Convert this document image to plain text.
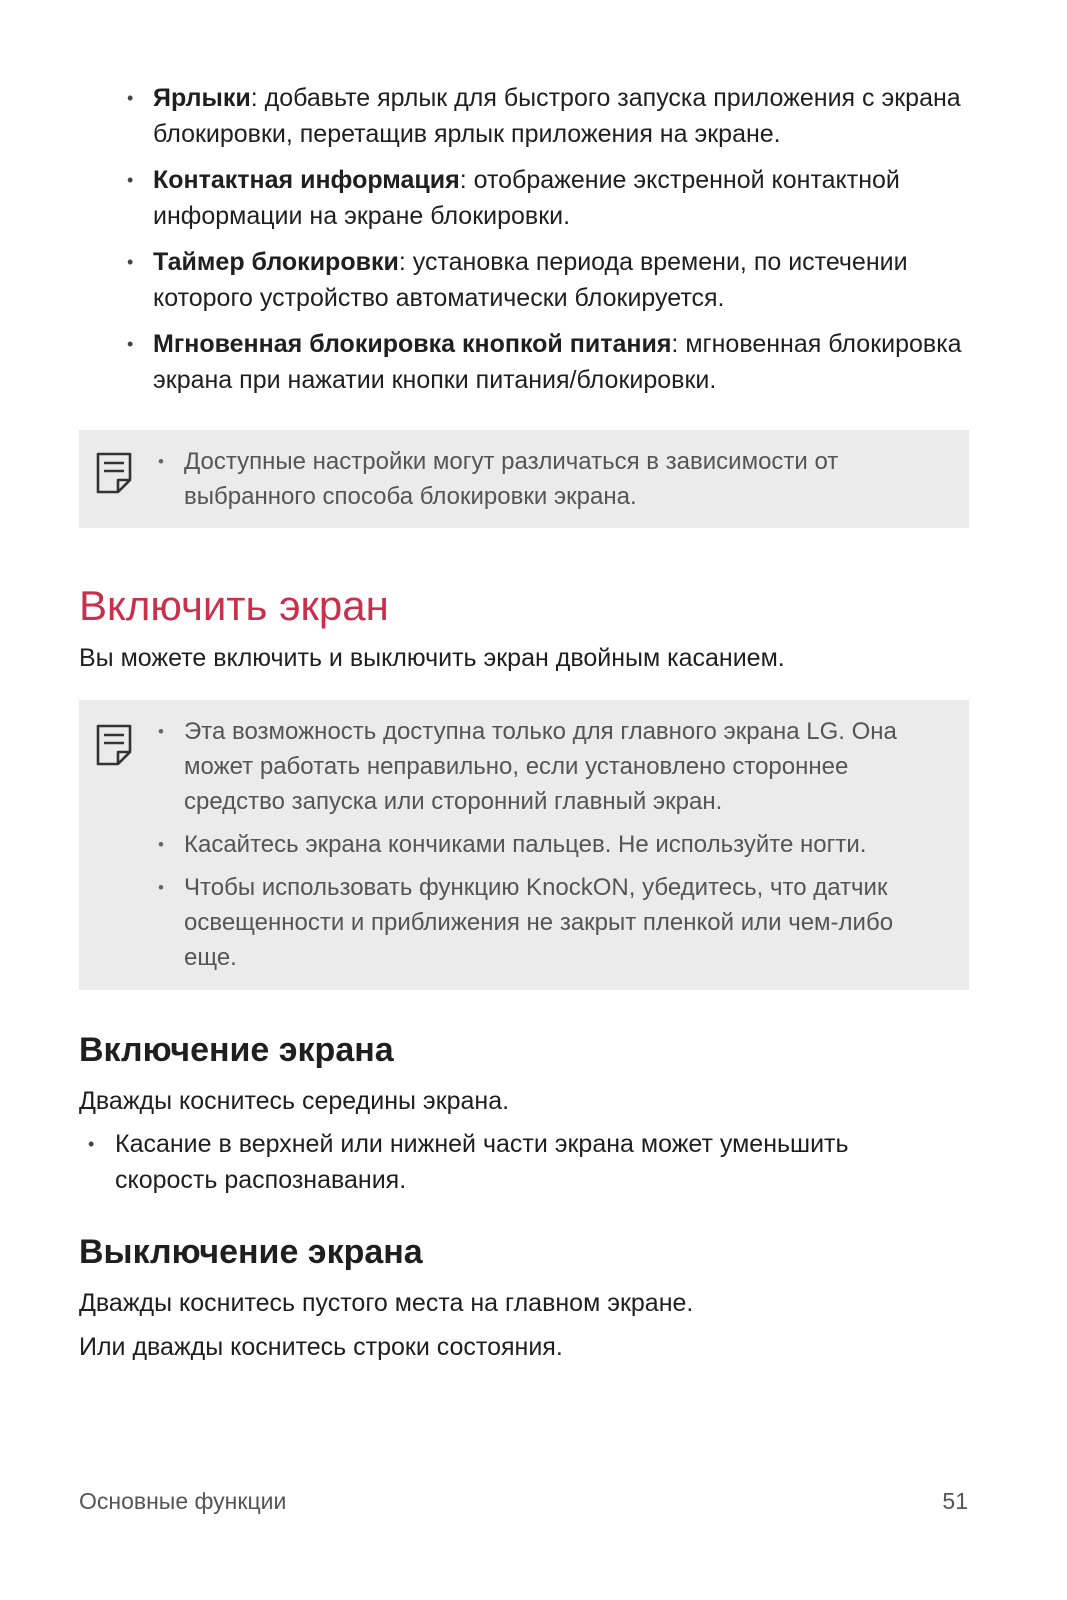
• Ярлыки: добавьте ярлык для быстрого запуска приложения с экрана блокировки, перетащив ярлык приложения на экране.
• Контактная информация: отображение экстренной контактной информации на экране блокировки.
• Таймер блокировки: установка периода времени, по истечении которого устройство автоматически блокируется.
• Мгновенная блокировка кнопкой питания: мгновенная блокировка экрана при нажатии кнопки питания/блокировки.
• Доступные настройки могут различаться в зависимости от выбранного способа блокировки экрана.
Включить экран

Вы можете включить и выключить экран двойным касанием.

• Эта возможность доступна только для главного экрана LG. Она может работать неправильно, если установлено стороннее средство запуска или сторонний главный экран.
• Касайтесь экрана кончиками пальцев. Не используйте ногти.
• Чтобы использовать функцию KnockON, убедитесь, что датчик освещенности и приближения не закрыт пленкой или чем-либо еще.
Включение экрана

Дважды коснитесь середины экрана.

• Касание в верхней или нижней части экрана может уменьшить скорость распознавания.
Выключение экрана

Дважды коснитесь пустого места на главном экране.

Или дважды коснитесь строки состояния.

Основные функции	51
